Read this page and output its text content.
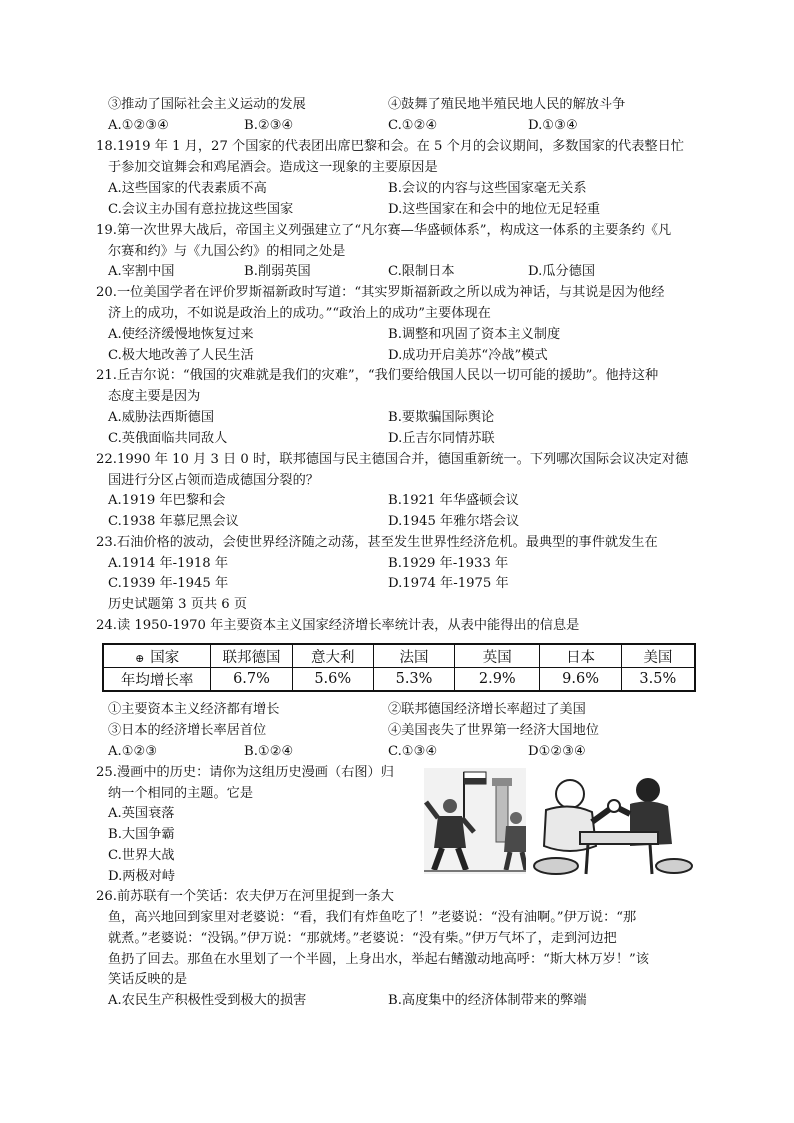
③推动了国际社会主义运动的发展	④鼓舞了殖民地半殖民地人民的解放斗争
A.①②③④	B.②③④	C.①②④	D.①③④
18.1919 年 1 月，27 个国家的代表团出席巴黎和会。在 5 个月的会议期间，多数国家的代表整日忙
于参加交谊舞会和鸡尾酒会。造成这一现象的主要原因是
A.这些国家的代表素质不高	B.会议的内容与这些国家毫无关系
C.会议主办国有意拉拢这些国家	D.这些国家在和会中的地位无足轻重
19.第一次世界大战后，帝国主义列强建立了“凡尔赛—华盛顿体系”，构成这一体系的主要条约《凡
尔赛和约》与《九国公约》的相同之处是
A.宰割中国	B.削弱英国	C.限制日本	D.瓜分德国
20.一位美国学者在评价罗斯福新政时写道：“其实罗斯福新政之所以成为神话，与其说是因为他经
济上的成功，不如说是政治上的成功。”“政治上的成功”主要体现在
A.使经济缓慢地恢复过来	B.调整和巩固了资本主义制度
C.极大地改善了人民生活	D.成功开启美苏“冷战”模式
21.丘吉尔说：“俄国的灾难就是我们的灾难”，“我们要给俄国人民以一切可能的援助”。他持这种
态度主要是因为
A.威胁法西斯德国	B.要欺骗国际舆论
C.英俄面临共同敌人	D.丘吉尔同情苏联
22.1990 年 10 月 3 日 0 时，联邦德国与民主德国合并，德国重新统一。下列哪次国际会议决定对德
国进行分区占领而造成德国分裂的？
A.1919 年巴黎和会	B.1921 年华盛顿会议
C.1938 年慕尼黑会议	D.1945 年雅尔塔会议
23.石油价格的波动，会使世界经济随之动荡，甚至发生世界性经济危机。最典型的事件就发生在
A.1914 年-1918 年	B.1929 年-1933 年
C.1939 年-1945 年	D.1974 年-1975 年
历史试题第 3 页共 6 页
24.读 1950-1970 年主要资本主义国家经济增长率统计表，从表中能得出的信息是
⊕ 国家	联邦德国	意大利	法国	英国	日本	美国
年均增长率	6.7%	5.6%	5.3%	2.9%	9.6%	3.5%
①主要资本主义经济都有增长	②联邦德国经济增长率超过了美国
③日本的经济增长率居首位	④美国丧失了世界第一经济大国地位
A.①②③	B.①②④	C.①③④	D①②③④
25.漫画中的历史：请你为这组历史漫画（右图）归
纳一个相同的主题。它是
A.英国衰落
B.大国争霸
C.世界大战
D.两极对峙
26.前苏联有一个笑话：农夫伊万在河里捉到一条大
鱼，高兴地回到家里对老婆说：“看，我们有炸鱼吃了！”老婆说：“没有油啊。”伊万说：“那
就煮。”老婆说：“没锅。”伊万说：“那就烤。”老婆说：“没有柴。”伊万气坏了，走到河边把
鱼扔了回去。那鱼在水里划了一个半圆，上身出水，举起右鳍激动地高呼：“斯大林万岁！”该
笑话反映的是
A.农民生产积极性受到极大的损害	B.高度集中的经济体制带来的弊端
